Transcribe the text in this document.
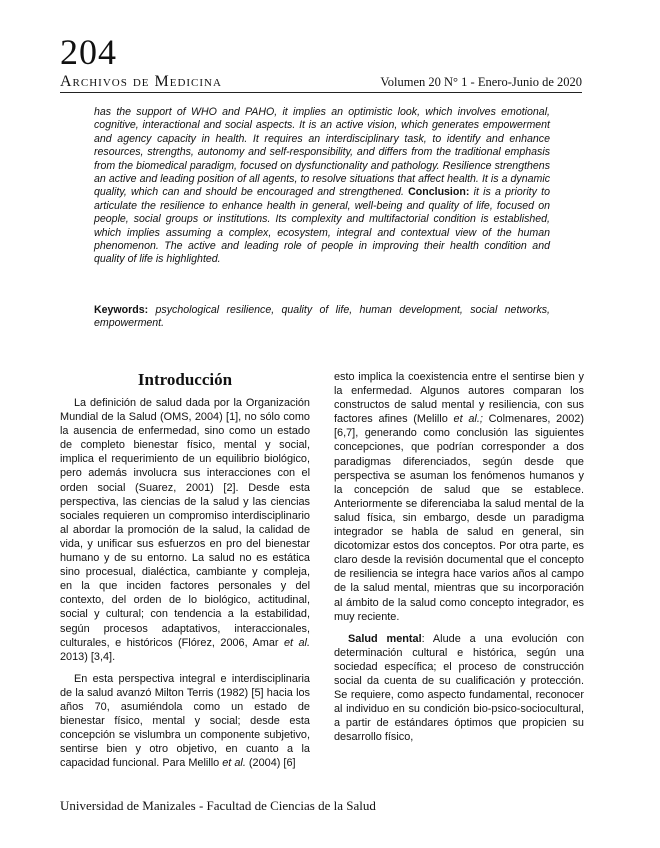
204
Archivos de Medicina	Volumen 20 N° 1 - Enero-Junio de 2020
has the support of WHO and PAHO, it implies an optimistic look, which involves emotional, cognitive, interactional and social aspects. It is an active vision, which generates empowerment and agency capacity in health. It requires an interdisciplinary task, to identify and enhance resources, strengths, autonomy and self-responsibility, and differs from the traditional emphasis from the biomedical paradigm, focused on dysfunctionality and pathology. Resilience strengthens an active and leading position of all agents, to resolve situations that affect health. It is a dynamic quality, which can and should be encouraged and strengthened. Conclusion: it is a priority to articulate the resilience to enhance health in general, well-being and quality of life, focused on people, social groups or institutions. Its complexity and multifactorial condition is established, which implies assuming a complex, ecosystem, integral and contextual view of the human phenomenon. The active and leading role of people in improving their health condition and quality of life is highlighted.
Keywords: psychological resilience, quality of life, human development, social networks, empowerment.
Introducción

La definición de salud dada por la Organización Mundial de la Salud (OMS, 2004) [1], no sólo como la ausencia de enfermedad, sino como un estado de completo bienestar físico, mental y social, implica el requerimiento de un equilibrio biológico, pero además involucra sus interacciones con el orden social (Suarez, 2001) [2]. Desde esta perspectiva, las ciencias de la salud y las ciencias sociales requieren un compromiso interdisciplinario al abordar la promoción de la salud, la calidad de vida, y unificar sus esfuerzos en pro del bienestar humano y de su entorno. La salud no es estática sino procesual, dialéctica, cambiante y compleja, en la que inciden factores personales y del contexto, del orden de lo biológico, actitudinal, social y cultural; con tendencia a la estabilidad, según procesos adaptativos, interaccionales, culturales, e históricos (Flórez, 2006, Amar et al. 2013) [3,4].

En esta perspectiva integral e interdisciplinaria de la salud avanzó Milton Terris (1982) [5] hacia los años 70, asumiéndola como un estado de bienestar físico, mental y social; desde esta concepción se vislumbra un componente subjetivo, sentirse bien y otro objetivo, en cuanto a la capacidad funcional. Para Melillo et al. (2004) [6]

esto implica la coexistencia entre el sentirse bien y la enfermedad. Algunos autores comparan los constructos de salud mental y resiliencia, con sus factores afines (Melillo et al.; Colmenares, 2002) [6,7], generando como conclusión las siguientes concepciones, que podrían corresponder a dos paradigmas diferenciados, según desde que perspectiva se asuman los fenómenos humanos y la concepción de salud que se establece. Anteriormente se diferenciaba la salud mental de la salud física, sin embargo, desde un paradigma integrador se habla de salud en general, sin dicotomizar estos dos conceptos. Por otra parte, es claro desde la revisión documental que el concepto de resiliencia se integra hace varios años al campo de la salud mental, mientras que su incorporación al ámbito de la salud como concepto integrador, es muy reciente.

Salud mental: Alude a una evolución con determinación cultural e histórica, según una sociedad específica; el proceso de construcción social da cuenta de su cualificación y protección. Se requiere, como aspecto fundamental, reconocer al individuo en su condición bio-psico-sociocultural, a partir de estándares óptimos que propicien su desarrollo físico,

Universidad de Manizales - Facultad de Ciencias de la Salud
